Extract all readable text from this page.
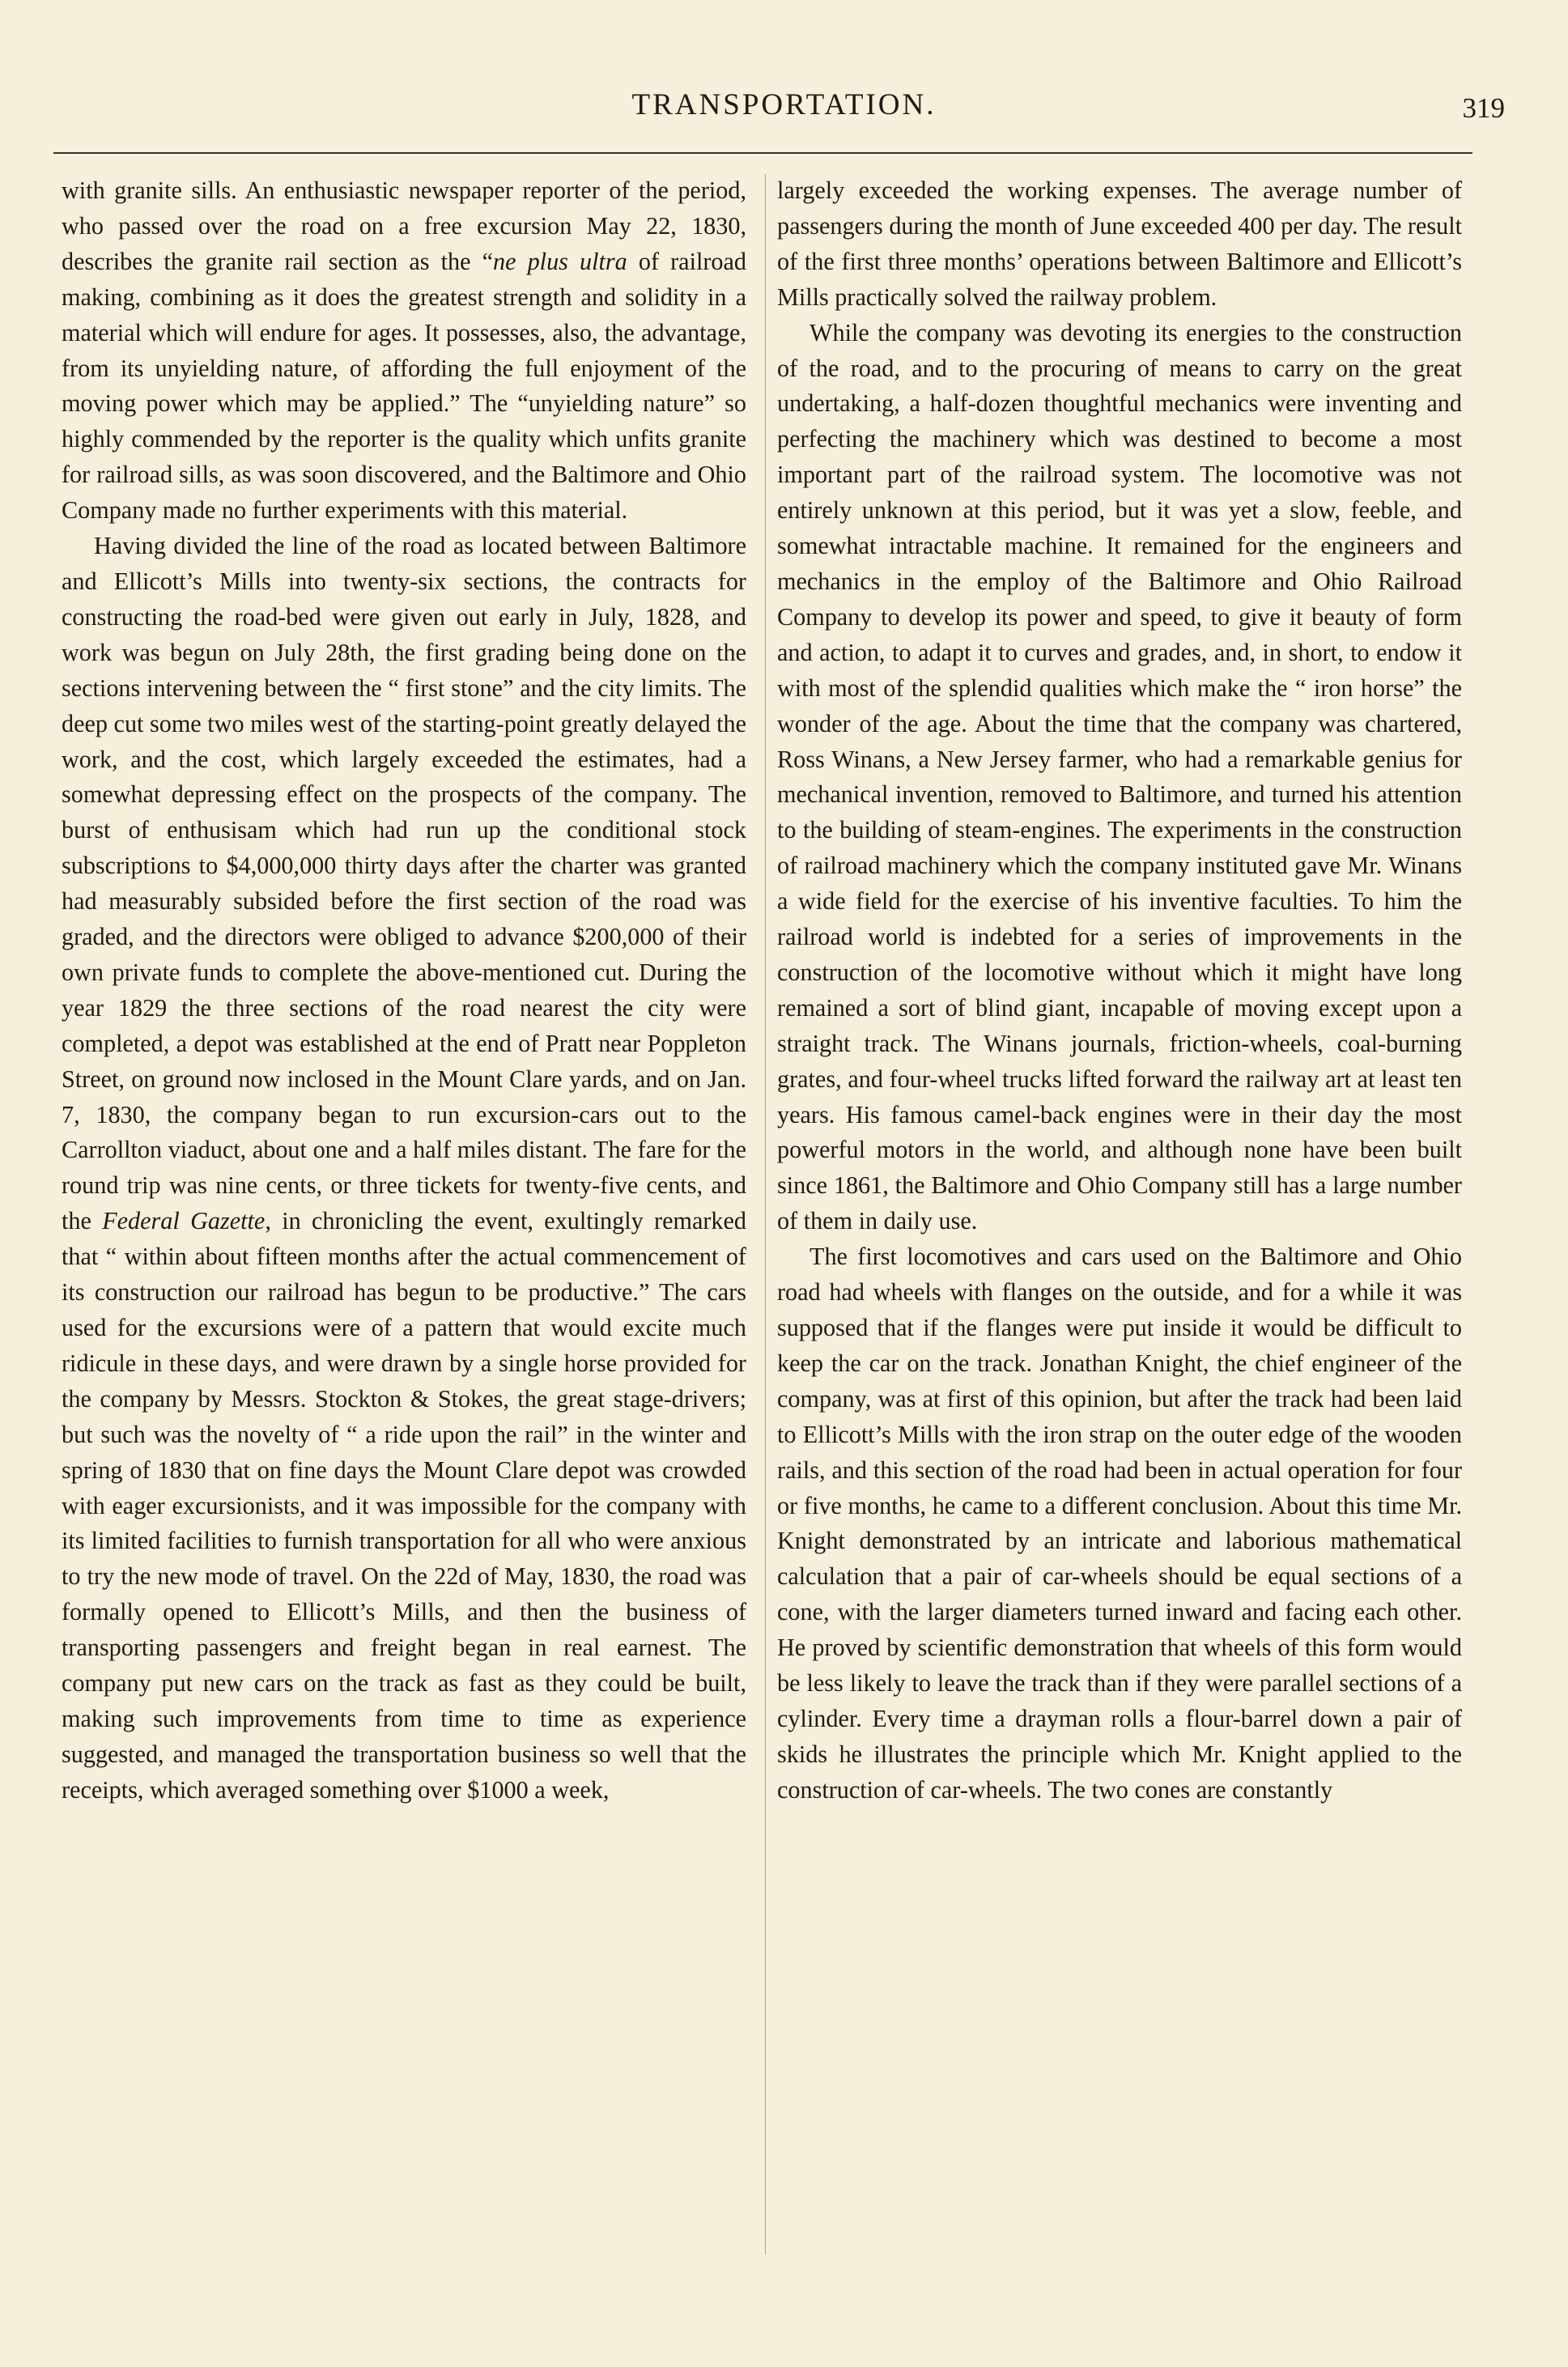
TRANSPORTATION.	319

with granite sills. An enthusiastic newspaper reporter of the period, who passed over the road on a free excursion May 22, 1830, describes the granite rail section as the “ne plus ultra of railroad making, combining as it does the greatest strength and solidity in a material which will endure for ages. It possesses, also, the advantage, from its unyielding nature, of affording the full enjoyment of the moving power which may be applied.” The “unyielding nature” so highly commended by the reporter is the quality which unfits granite for railroad sills, as was soon discovered, and the Baltimore and Ohio Company made no further experiments with this material.

Having divided the line of the road as located between Baltimore and Ellicott’s Mills into twenty-six sections, the contracts for constructing the road-bed were given out early in July, 1828, and work was begun on July 28th, the first grading being done on the sections intervening between the “ first stone” and the city limits. The deep cut some two miles west of the starting-point greatly delayed the work, and the cost, which largely exceeded the estimates, had a somewhat depressing effect on the prospects of the company. The burst of enthusisam which had run up the conditional stock subscriptions to $4,000,000 thirty days after the charter was granted had measurably subsided before the first section of the road was graded, and the directors were obliged to advance $200,000 of their own private funds to complete the above-mentioned cut. During the year 1829 the three sections of the road nearest the city were completed, a depot was established at the end of Pratt near Poppleton Street, on ground now inclosed in the Mount Clare yards, and on Jan. 7, 1830, the company began to run excursion-cars out to the Carrollton viaduct, about one and a half miles distant. The fare for the round trip was nine cents, or three tickets for twenty-five cents, and the Federal Gazette, in chronicling the event, exultingly remarked that “ within about fifteen months after the actual commencement of its construction our railroad has begun to be productive.” The cars used for the excursions were of a pattern that would excite much ridicule in these days, and were drawn by a single horse provided for the company by Messrs. Stockton & Stokes, the great stage-drivers; but such was the novelty of “ a ride upon the rail” in the winter and spring of 1830 that on fine days the Mount Clare depot was crowded with eager excursionists, and it was impossible for the company with its limited facilities to furnish transportation for all who were anxious to try the new mode of travel. On the 22d of May, 1830, the road was formally opened to Ellicott’s Mills, and then the business of transporting passengers and freight began in real earnest. The company put new cars on the track as fast as they could be built, making such improvements from time to time as experience suggested, and managed the transportation business so well that the receipts, which averaged something over $1000 a week,

largely exceeded the working expenses. The average number of passengers during the month of June exceeded 400 per day. The result of the first three months’ operations between Baltimore and Ellicott’s Mills practically solved the railway problem.

While the company was devoting its energies to the construction of the road, and to the procuring of means to carry on the great undertaking, a half-dozen thoughtful mechanics were inventing and perfecting the machinery which was destined to become a most important part of the railroad system. The locomotive was not entirely unknown at this period, but it was yet a slow, feeble, and somewhat intractable machine. It remained for the engineers and mechanics in the employ of the Baltimore and Ohio Railroad Company to develop its power and speed, to give it beauty of form and action, to adapt it to curves and grades, and, in short, to endow it with most of the splendid qualities which make the “ iron horse” the wonder of the age. About the time that the company was chartered, Ross Winans, a New Jersey farmer, who had a remarkable genius for mechanical invention, removed to Baltimore, and turned his attention to the building of steam-engines. The experiments in the construction of railroad machinery which the company instituted gave Mr. Winans a wide field for the exercise of his inventive faculties. To him the railroad world is indebted for a series of improvements in the construction of the locomotive without which it might have long remained a sort of blind giant, incapable of moving except upon a straight track. The Winans journals, friction-wheels, coal-burning grates, and four-wheel trucks lifted forward the railway art at least ten years. His famous camel-back engines were in their day the most powerful motors in the world, and although none have been built since 1861, the Baltimore and Ohio Company still has a large number of them in daily use.

The first locomotives and cars used on the Baltimore and Ohio road had wheels with flanges on the outside, and for a while it was supposed that if the flanges were put inside it would be difficult to keep the car on the track. Jonathan Knight, the chief engineer of the company, was at first of this opinion, but after the track had been laid to Ellicott’s Mills with the iron strap on the outer edge of the wooden rails, and this section of the road had been in actual operation for four or five months, he came to a different conclusion. About this time Mr. Knight demonstrated by an intricate and laborious mathematical calculation that a pair of car-wheels should be equal sections of a cone, with the larger diameters turned inward and facing each other. He proved by scientific demonstration that wheels of this form would be less likely to leave the track than if they were parallel sections of a cylinder. Every time a drayman rolls a flour-barrel down a pair of skids he illustrates the principle which Mr. Knight applied to the construction of car-wheels. The two cones are constantly
